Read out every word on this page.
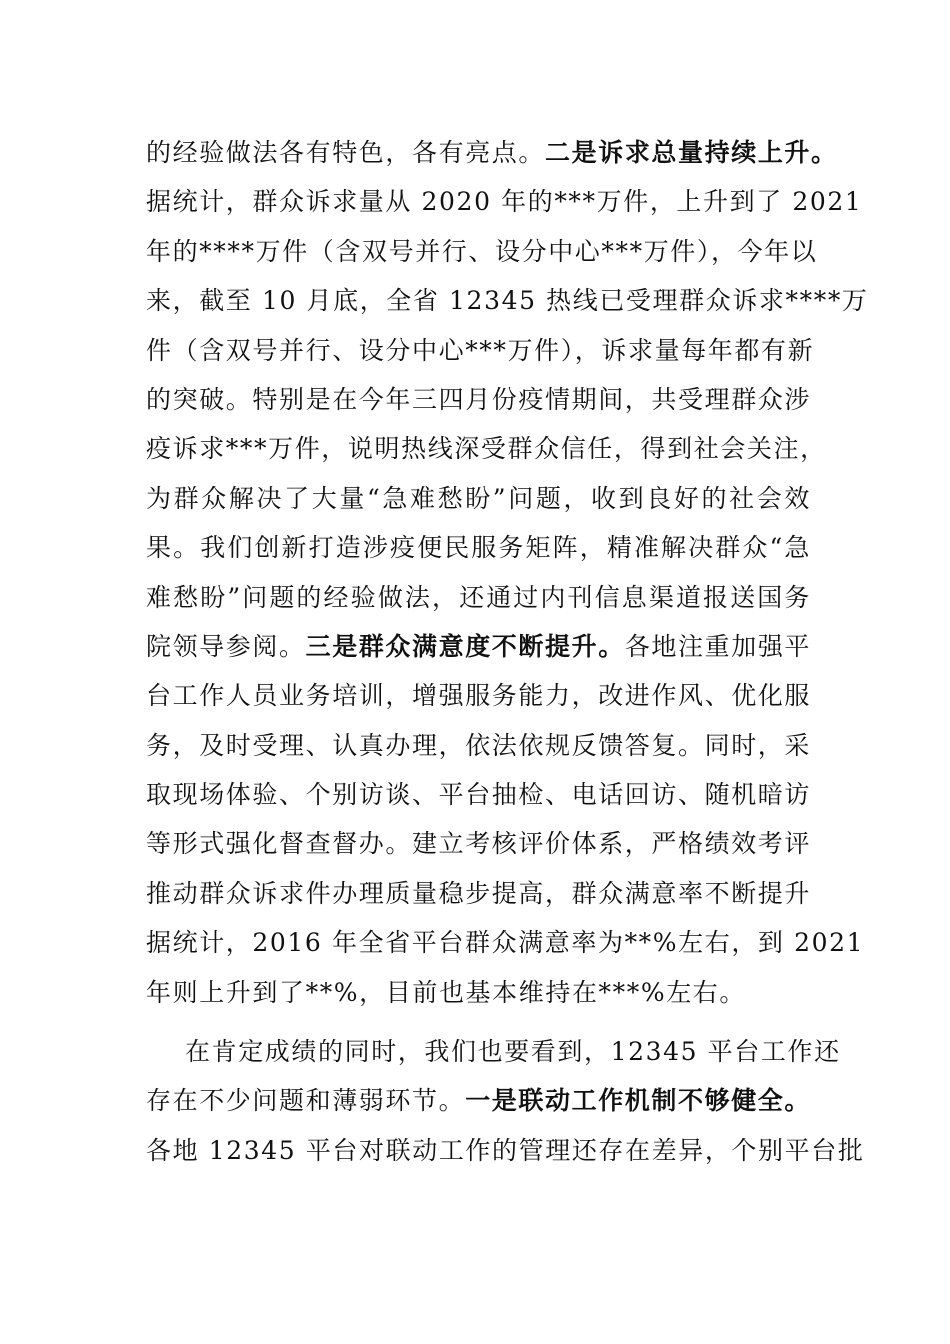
的经验做法各有特色，各有亮点。二是诉求总量持续上升。
据统计，群众诉求量从 2020 年的***万件，上升到了 2021
年的****万件（含双号并行、设分中心***万件），今年以
来，截至 10 月底，全省 12345 热线已受理群众诉求****万
件（含双号并行、设分中心***万件），诉求量每年都有新
的突破。特别是在今年三四月份疫情期间，共受理群众涉
疫诉求***万件，说明热线深受群众信任，得到社会关注，
为群众解决了大量“急难愁盼”问题，收到良好的社会效
果。我们创新打造涉疫便民服务矩阵，精准解决群众“急
难愁盼”问题的经验做法，还通过内刊信息渠道报送国务
院领导参阅。三是群众满意度不断提升。各地注重加强平
台工作人员业务培训，增强服务能力，改进作风、优化服
务，及时受理、认真办理，依法依规反馈答复。同时，采
取现场体验、个别访谈、平台抽检、电话回访、随机暗访
等形式强化督查督办。建立考核评价体系，严格绩效考评
推动群众诉求件办理质量稳步提高，群众满意率不断提升
据统计，2016 年全省平台群众满意率为**%左右，到 2021
年则上升到了**%，目前也基本维持在***%左右。
在肯定成绩的同时，我们也要看到，12345 平台工作还
存在不少问题和薄弱环节。一是联动工作机制不够健全。
各地 12345 平台对联动工作的管理还存在差异，个别平台批
